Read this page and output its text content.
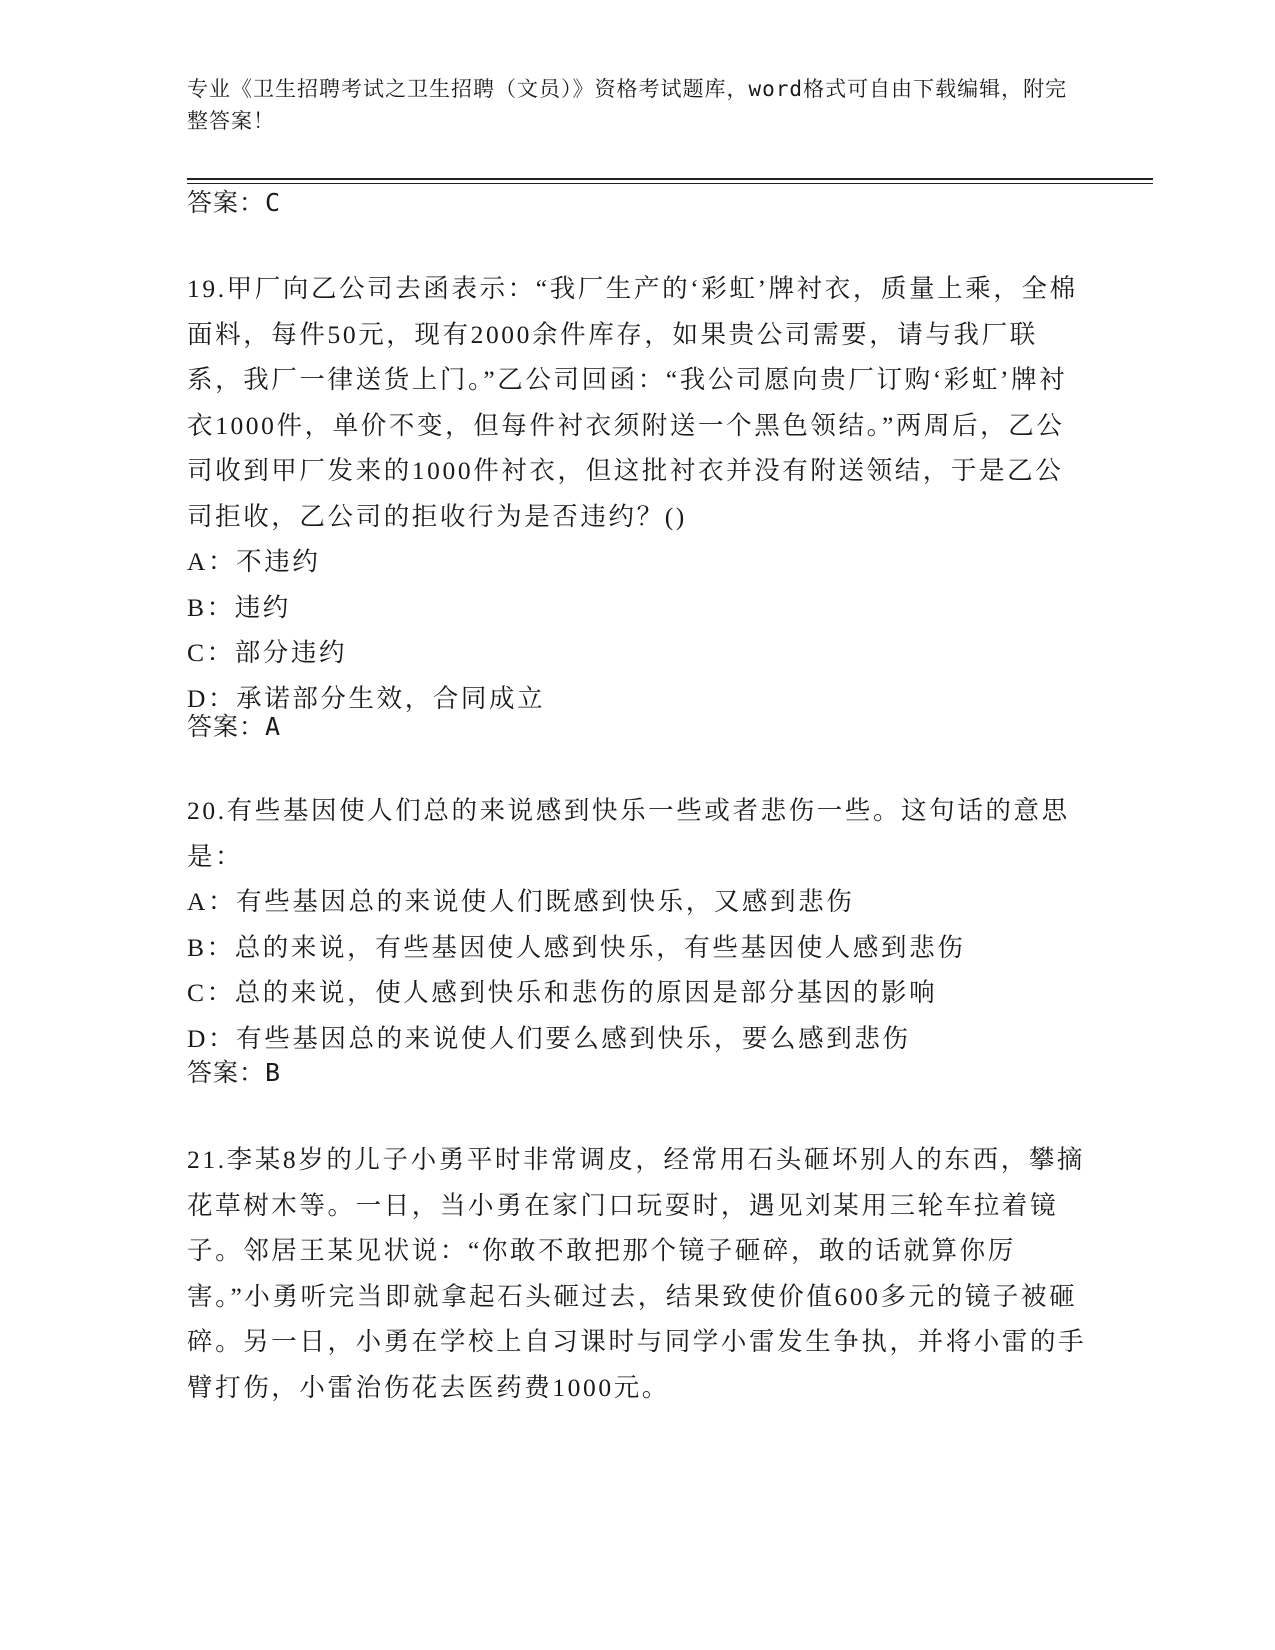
专业《卫生招聘考试之卫生招聘（文员）》资格考试题库，word格式可自由下载编辑，附完整答案！
答案：C

19.甲厂向乙公司去函表示：“我厂生产的‘彩虹’牌衬衣，质量上乘，全棉面料，每件50元，现有2000余件库存，如果贵公司需要，请与我厂联系，我厂一律送货上门。”乙公司回函：“我公司愿向贵厂订购‘彩虹’牌衬衣1000件，单价不变，但每件衬衣须附送一个黑色领结。”两周后，乙公司收到甲厂发来的1000件衬衣，但这批衬衣并没有附送领结，于是乙公司拒收，乙公司的拒收行为是否违约？()

A：不违约

B：违约

C：部分违约

D：承诺部分生效，合同成立

答案：A

20.有些基因使人们总的来说感到快乐一些或者悲伤一些。这句话的意思是：

A：有些基因总的来说使人们既感到快乐，又感到悲伤

B：总的来说，有些基因使人感到快乐，有些基因使人感到悲伤

C：总的来说，使人感到快乐和悲伤的原因是部分基因的影响

D：有些基因总的来说使人们要么感到快乐，要么感到悲伤

答案：B

21.李某8岁的儿子小勇平时非常调皮，经常用石头砸坏别人的东西，攀摘花草树木等。一日，当小勇在家门口玩耍时，遇见刘某用三轮车拉着镜子。邻居王某见状说：“你敢不敢把那个镜子砸碎，敢的话就算你厉害。”小勇听完当即就拿起石头砸过去，结果致使价值600多元的镜子被砸碎。另一日，小勇在学校上自习课时与同学小雷发生争执，并将小雷的手臂打伤，小雷治伤花去医药费1000元。
